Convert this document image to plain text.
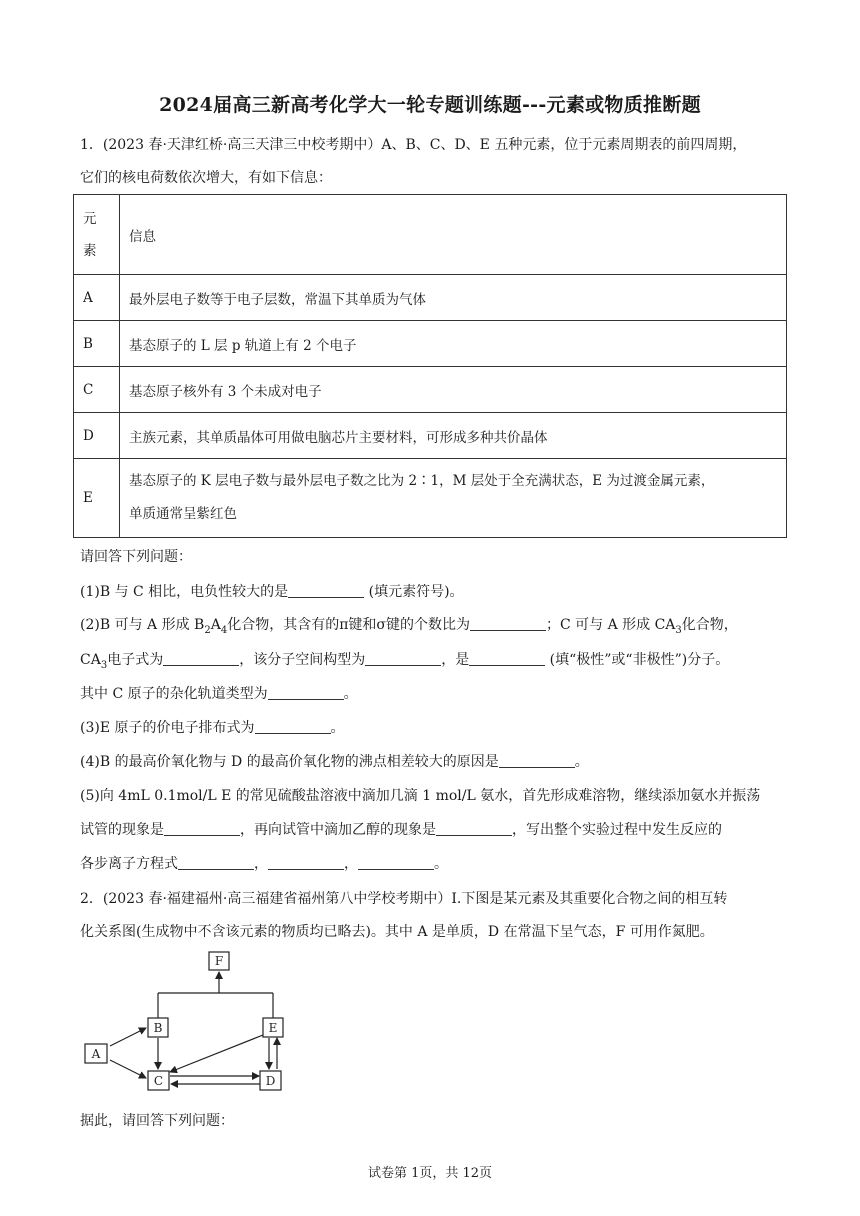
2024届高三新高考化学大一轮专题训练题---元素或物质推断题
1．(2023 春·天津红桥·高三天津三中校考期中）A、B、C、D、E 五种元素，位于元素周期表的前四周期，
它们的核电荷数依次增大，有如下信息：
元
素	信息
A	最外层电子数等于电子层数，常温下其单质为气体
B	基态原子的 L 层 p 轨道上有 2 个电子
C	基态原子核外有 3 个未成对电子
D	主族元素，其单质晶体可用做电脑芯片主要材料，可形成多种共价晶体
E	基态原子的 K 层电子数与最外层电子数之比为 2∶1，M 层处于全充满状态，E 为过渡金属元素，
单质通常呈紫红色
请回答下列问题：
(1)B 与 C 相比，电负性较大的是	(填元素符号)。
(2)B 可与 A 形成 $B_2A_4$化合物，其含有的π键和σ键的个数比为	；C 可与 A 形成 $CA_3$化合物，
$CA_3$电子式为	，该分子空间构型为	，是	(填“极性”或“非极性”)分子。
其中 C 原子的杂化轨道类型为	。
(3)E 原子的价电子排布式为	。
(4)B 的最高价氧化物与 D 的最高价氧化物的沸点相差较大的原因是	。
(5)向 4mL 0.1mol/L E 的常见硫酸盐溶液中滴加几滴 1 mol/L 氨水，首先形成难溶物，继续添加氨水并振荡
试管的现象是	，再向试管中滴加乙醇的现象是	，写出整个实验过程中发生反应的
各步离子方程式	，	，	。
2．(2023 春·福建福州·高三福建省福州第八中学校考期中）I.下图是某元素及其重要化合物之间的相互转
化关系图(生成物中不含该元素的物质均已略去)。其中 A 是单质，D 在常温下呈气态，F 可用作氮肥。
F
B	E
A
C	D
据此，请回答下列问题：
试卷第 1页，共 12页
